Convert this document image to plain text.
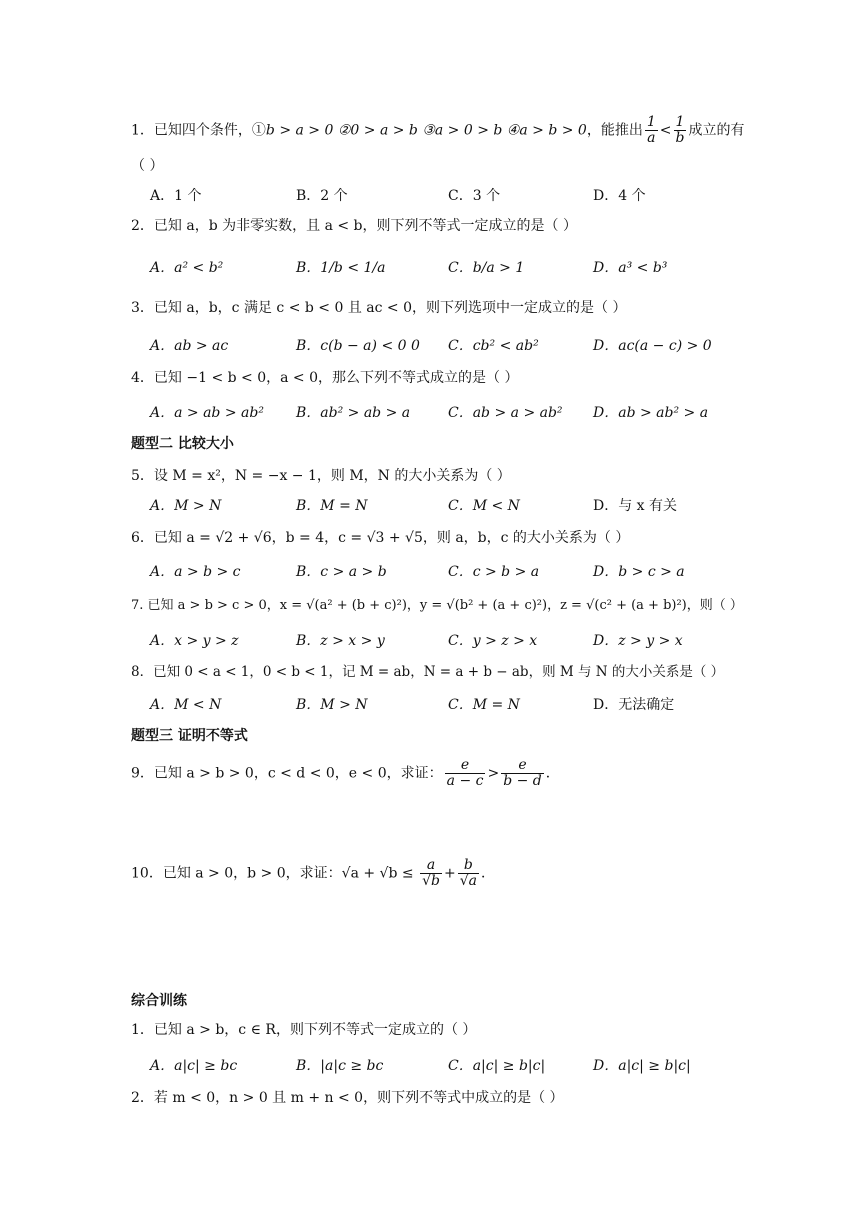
1．已知四个条件，①b > a > 0 ②0 > a > b ③a > 0 > b ④a > b > 0，能推出 $\frac{1}{a} < \frac{1}{b}$ 成立的有
（ ）
A．1 个	B．2 个	C．3 个	D．4 个
2．已知 a，b 为非零实数，且 a < b，则下列不等式一定成立的是（ ）
A．a² < b²	B．1/b < 1/a	C．b/a > 1	D．a³ < b³
3．已知 a，b，c 满足 c < b < 0 且 ac < 0，则下列选项中一定成立的是（ ）
A．ab > ac	B．c(b − a) < 0 0 C．cb² < ab²	D．ac(a − c) > 0
4．已知 −1 < b < 0，a < 0，那么下列不等式成立的是（ ）
A．a > ab > ab² B．ab² > ab > a	C．ab > a > ab² D．ab > ab² > a
题型二 比较大小
5．设 M = x²，N = −x − 1，则 M，N 的大小关系为（ ）
A．M > N	B．M = N	C．M < N	D．与 x 有关
6．已知 a = √2 + √6，b = 4，c = √3 + √5，则 a，b，c 的大小关系为（ ）
A．a > b > c	B．c > a > b	C．c > b > a	D．b > c > a
7. 已知 a > b > c > 0，x = √(a² + (b + c)²)，y = √(b² + (a + c)²)，z = √(c² + (a + b)²)，则（ ）
A．x > y > z	B．z > x > y	C．y > z > x	D．z > y > x
8．已知 0 < a < 1，0 < b < 1，记 M = ab，N = a + b − ab，则 M 与 N 的大小关系是（ ）
A．M < N	B．M > N	C．M = N	D．无法确定
题型三 证明不等式
9．已知 a > b > 0，c < d < 0，e < 0，求证： $\frac{e}{a - c} > \frac{e}{b - d}$ ．
10．已知 a > 0，b > 0，求证：$√a + √b \le \frac{a}{√b} + \frac{b}{√a}$ ．
综合训练
1．已知 a > b，c ∈ R，则下列不等式一定成立的（ ）
A．a|c| ≥ bc	B．|a|c ≥ bc	C．a|c| ≥ b|c|	D．a|c| ≥ b|c|
2．若 m < 0，n > 0 且 m + n < 0，则下列不等式中成立的是（ ）
